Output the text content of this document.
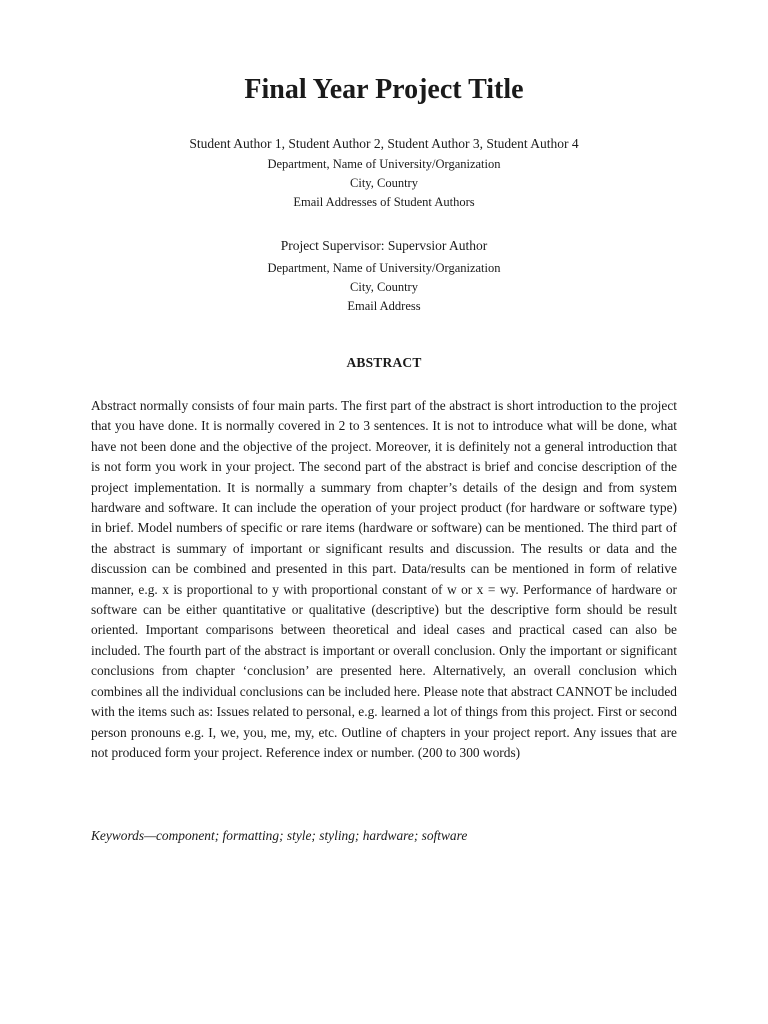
Final Year Project Title
Student Author 1, Student Author 2, Student Author 3, Student Author 4
Department, Name of University/Organization
City, Country
Email Addresses of Student Authors
Project Supervisor: Supervsior Author
Department, Name of University/Organization
City, Country
Email Address
ABSTRACT

Abstract normally consists of four main parts. The first part of the abstract is short introduction to the project that you have done. It is normally covered in 2 to 3 sentences. It is not to introduce what will be done, what have not been done and the objective of the project. Moreover, it is definitely not a general introduction that is not form you work in your project. The second part of the abstract is brief and concise description of the project implementation. It is normally a summary from chapter’s details of the design and from system hardware and software. It can include the operation of your project product (for hardware or software type) in brief. Model numbers of specific or rare items (hardware or software) can be mentioned. The third part of the abstract is summary of important or significant results and discussion. The results or data and the discussion can be combined and presented in this part. Data/results can be mentioned in form of relative manner, e.g. x is proportional to y with proportional constant of w or x = wy. Performance of hardware or software can be either quantitative or qualitative (descriptive) but the descriptive form should be result oriented. Important comparisons between theoretical and ideal cases and practical cased can also be included. The fourth part of the abstract is important or overall conclusion. Only the important or significant conclusions from chapter ‘conclusion’ are presented here. Alternatively, an overall conclusion which combines all the individual conclusions can be included here. Please note that abstract CANNOT be included with the items such as: Issues related to personal, e.g. learned a lot of things from this project. First or second person pronouns e.g. I, we, you, me, my, etc. Outline of chapters in your project report. Any issues that are not produced form your project. Reference index or number. (200 to 300 words)

Keywords—component; formatting; style; styling; hardware; software
